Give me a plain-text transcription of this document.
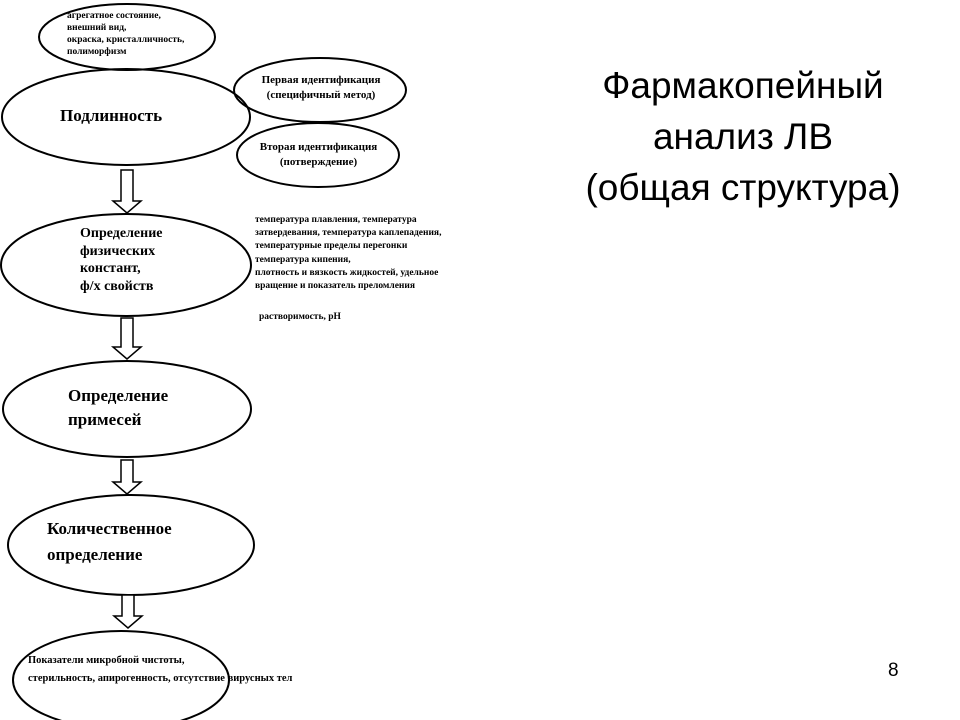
агрегатное состояние,
внешний вид,
окраска, кристалличность,
полиморфизм
Подлинность
Первая идентификация
(специфичный метод)
Вторая идентификация
(потверждение)
Определение
физических
констант,
ф/х свойств
температура плавления, температура
затвердевания, температура каплепадения,
температурные пределы перегонки
температура кипения,
плотность и вязкость жидкостей, удельное
вращение и показатель преломления
растворимость, рН
Определение
примесей
Количественное
определение
Показатели микробной чистоты,
стерильность, апирогенность, отсутствие вирусных тел
Фармакопейный
анализ ЛВ
(общая структура)
8
